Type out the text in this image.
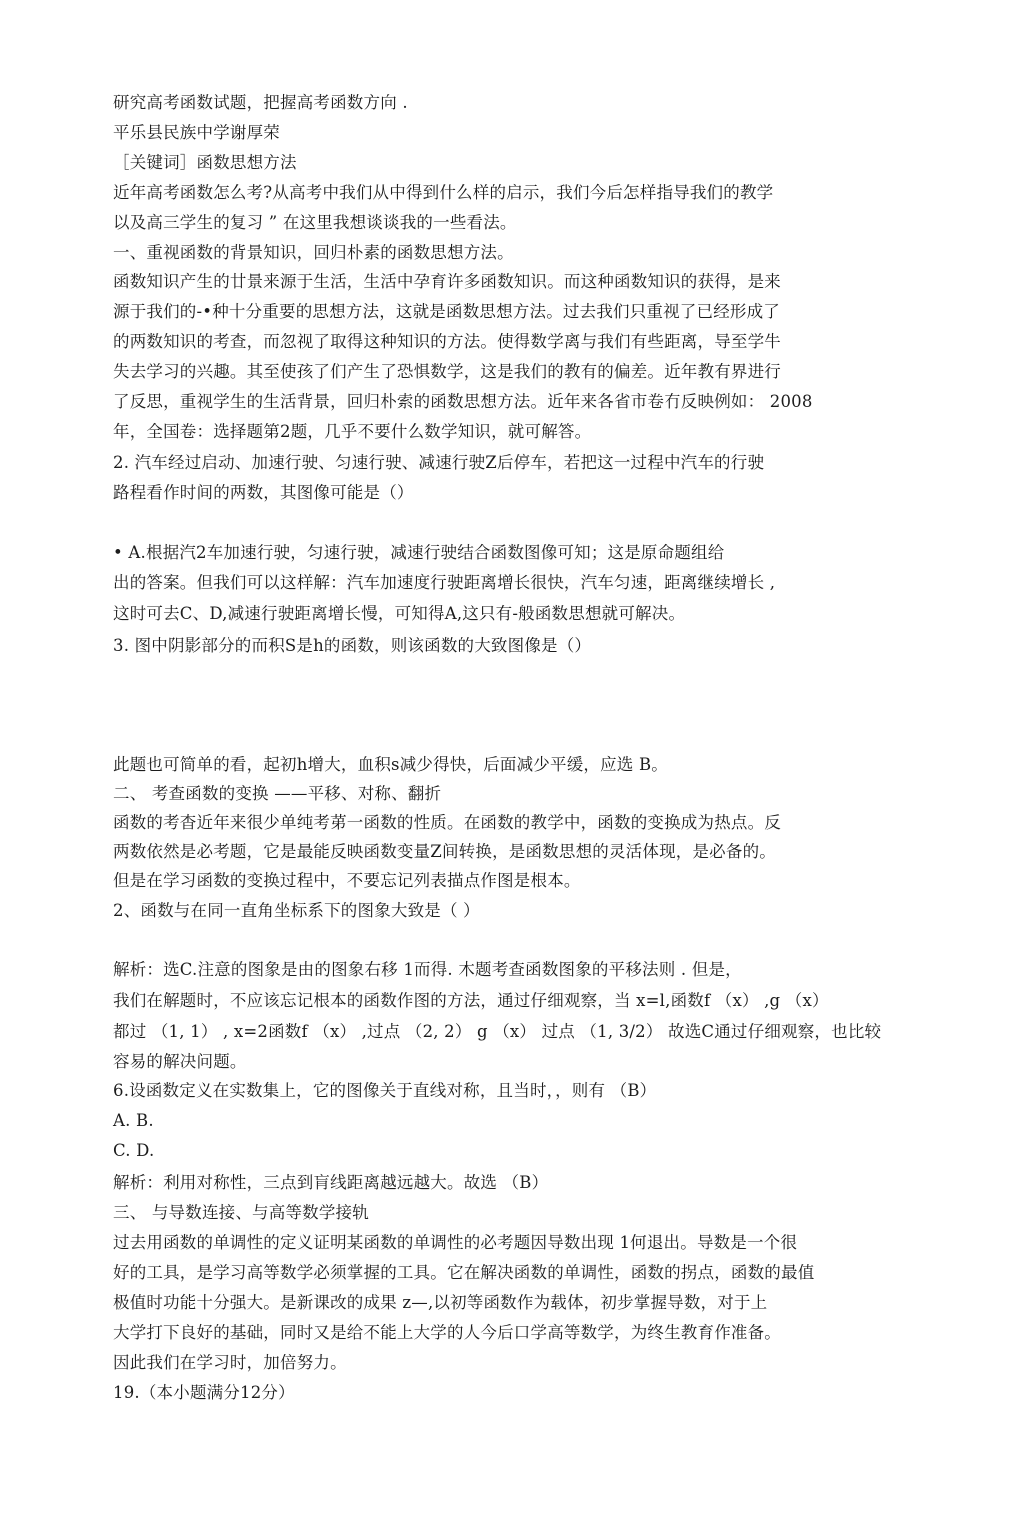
研究高考函数试题，把握高考函数方向 .
平乐县民族中学谢厚荣
［关键词］函数思想方法
近年高考函数怎么考?从高考中我们从中得到什么样的启示，我们今后怎样指导我们的教学
以及高三学生的复习 ” 在这里我想谈谈我的一些看法。
一、重视函数的背景知识，回归朴素的函数思想方法。
函数知识产生的廿景来源于生活，生活中孕育许多函数知识。而这种函数知识的获得，是来
源于我们的-•种十分重要的思想方法，这就是函数思想方法。过去我们只重视了已经形成了
的两数知识的考查，而忽视了取得这种知识的方法。使得数学离与我们有些距离，导至学牛
失去学习的兴趣。其至使孩了们产生了恐惧数学，这是我们的教有的偏差。近年教有界进行
了反思，重视学生的生活背景，回归朴索的函数思想方法。近年来各省市卷冇反映例如： 2008
年，全国卷：选择题第2题，几乎不要什么数学知识，就可解答。
2. 汽车经过启动、加速行驶、匀速行驶、减速行驶Z后停车，若把这一过程中汽车的行驶
路程看作时间的两数，其图像可能是（）
• A.根据汽2车加速行驶，匀速行驶，减速行驶结合函数图像可知；这是原命题组给
出的答案。但我们可以这样解：汽车加速度行驶距离增长很快，汽车匀速，距离继续增长 ,
这时可去C、D,减速行驶距离增长慢，可知得A,这只有-般函数思想就可解决。
3. 图中阴影部分的而积S是h的函数，则该函数的大致图像是（）
此题也可简单的看，起初h增大，血积s减少得快，后面减少平缓，应选 B。
二、 考查函数的变换 ——平移、对称、翻折
函数的考杳近年来很少单纯考苐一函数的性质。在函数的教学中，函数的变换成为热点。反
两数依然是必考题，它是最能反映函数变量Z间转换，是函数思想的灵活体现，是必备的。
但是在学习函数的变换过程中，不要忘记列表描点作图是根本。
2、函数与在同一直角坐标系下的图象大致是（ ）
解析：选C.注意的图象是由的图象右移 1而得. 木题考查函数图象的平移法则 . 但是，
我们在解题时，不应该忘记根本的函数作图的方法，通过仔细观察，当 x=l,函数f （x） ,g （x）
都过 （1, 1） , x=2函数f （x） ,过点 （2, 2） g （x） 过点 （1, 3/2） 故选C通过仔细观察，也比较
容易的解决问题。
6.设函数定义在实数集上，它的图像关于直线对称，且当时，，则有 （B）
A. B.
C. D.
解析：利用对称性，三点到肓线距离越远越大。故选 （B）
三、 与导数连接、与高等数学接轨
过去用函数的单调性的定义证明某函数的单调性的必考题因导数出现 1何退出。导数是一个很
好的工具，是学习高等数学必须掌握的工具。它在解决函数的单调性，函数的拐点，函数的最值
极值时功能十分强大。是新课改的成果 z—,以初等函数作为载体，初步掌握导数，对于上
大学打下良好的基础，同时又是给不能上大学的人今后口学高等数学，为终生教育作准备。
因此我们在学习时，加倍努力。
19.（本小题满分12分）
